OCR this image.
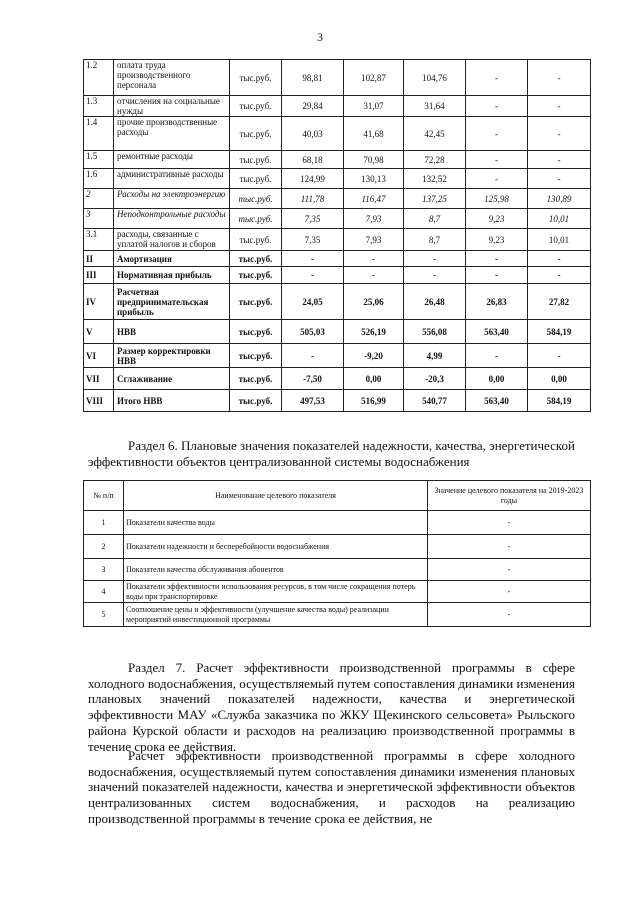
3
1.2	оплата труда производственного персонала	тыс.руб.	98,81	102,87	104,76	-	-
1.3	отчисления на социальные нужды	тыс.руб.	29,84	31,07	31,64	-	-
1.4	прочие производственные расходы	тыс.руб.	40,03	41,68	42,45	-	-
1.5	ремонтные расходы	тыс.руб.	68,18	70,98	72,28	-	-
1.6	административные расходы	тыс.руб.	124,99	130,13	132,52	-	-
2	Расходы на электроэнергию	тыс.руб.	111,78	116,47	137,25	125,98	130,89
3	Неподконтрольные расходы	тыс.руб.	7,35	7,93	8,7	9,23	10,01
3.1	расходы, связанные с уплатой налогов и сборов	тыс.руб.	7,35	7,93	8,7	9,23	10,01
II	Амортизация	тыс.руб.	-	-	-	-	-
III	Нормативная прибыль	тыс.руб.	-	-	-	-	-
IV	Расчетная предпринимательская прибыль	тыс.руб.	24,05	25,06	26,48	26,83	27,82
V	НВВ	тыс.руб.	505,03	526,19	556,08	563,40	584,19
VI	Размер корректировки НВВ	тыс.руб.	-	-9,20	4,99	-	-
VII	Сглаживание	тыс.руб.	-7,50	0,00	-20,3	0,00	0,00
VIII	Итого НВВ	тыс.руб.	497,53	516,99	540,77	563,40	584,19
Раздел 6. Плановые значения показателей надежности, качества, энергетической эффективности объектов централизованной системы водоснабжения
№ п/п	Наименование целевого показателя	Значение целевого показателя на 2019-2023 годы
1	Показатели качества воды	-
2	Показатели надежности и бесперебойности водоснабжения	-
3	Показатели качества обслуживания абонентов	-
4	Показатели эффективности использования ресурсов, в том числе сокращения потерь воды при транспортировке	-
5	Соотношение цены и эффективности (улучшение качества воды) реализации мероприятий инвестиционной программы	-
Раздел 7. Расчет эффективности производственной программы в сфере холодного водоснабжения, осуществляемый путем сопоставления динамики изменения плановых значений показателей надежности, качества и энергетической эффективности МАУ «Служба заказчика по ЖКУ Щекинского сельсовета» Рыльского района Курской области и расходов на реализацию производственной программы в течение срока ее действия.
Расчет эффективности производственной программы в сфере холодного водоснабжения, осуществляемый путем сопоставления динамики изменения плановых значений показателей надежности, качества и энергетической эффективности объектов централизованных систем водоснабжения, и расходов на реализацию производственной программы в течение срока ее действия, не
